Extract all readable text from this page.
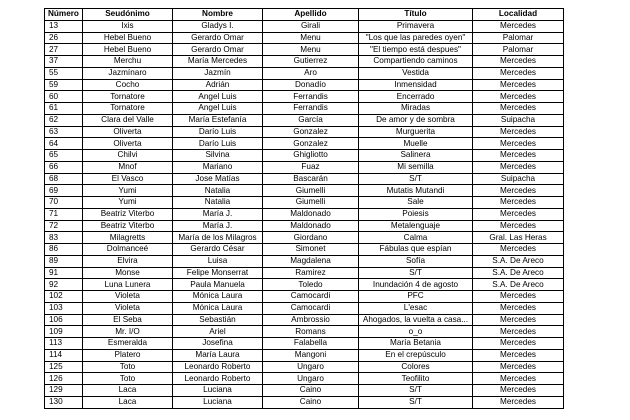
Número	Seudónimo	Nombre	Apellido	Título	Localidad
13	Ixis	Gladys I.	Girali	Primavera	Mercedes
26	Hebel Bueno	Gerardo Omar	Menu	"Los que las paredes oyen"	Palomar
27	Hebel Bueno	Gerardo Omar	Menu	"El tiempo está despues"	Palomar
37	Merchu	María Mercedes	Gutierrez	Compartiendo caminos	Mercedes
55	Jazmínaro	Jazmín	Aro	Vestida	Mercedes
59	Cocho	Adrián	Donadío	Inmensidad	Mercedes
60	Tornatore	Angel Luis	Ferrandis	Encerrado	Mercedes
61	Tornatore	Angel Luis	Ferrandis	Miradas	Mercedes
62	Clara del Valle	María Estefanía	García	De amor y de sombra	Suipacha
63	Oliverta	Darío Luis	Gonzalez	Murguerita	Mercedes
64	Oliverta	Darío Luis	Gonzalez	Muelle	Mercedes
65	Chilvi	Silvina	Ghigliotto	Salinera	Mercedes
66	Mnof	Mariano	Fuaz	Mi semilla	Mercedes
68	El Vasco	Jose Matías	Bascarán	S/T	Suipacha
69	Yumi	Natalia	Giumelli	Mutatis Mutandi	Mercedes
70	Yumi	Natalia	Giumelli	Sale	Mercedes
71	Beatriz Viterbo	María J.	Maldonado	Poiesis	Mercedes
72	Beatriz Viterbo	María J.	Maldonado	Metalenguaje	Mercedes
83	Milagretts	María de los Milagros	Giordano	Calma	Gral. Las Heras
86	Dolmanceé	Gerardo César	Simonet	Fábulas que espían	Mercedes
89	Elvira	Luisa	Magdalena	Sofía	S.A. De Areco
91	Monse	Felipe Monserrat	Ramirez	S/T	S.A. De Areco
92	Luna Lunera	Paula Manuela	Toledo	Inundación 4 de agosto	S.A. De Areco
102	Violeta	Mónica Laura	Camocardi	PFC	Mercedes
103	Violeta	Mónica Laura	Camocardi	L'esac	Mercedes
106	El Seba	Sebastián	Ambrossio	Ahogados, la vuelta a casa...	Mercedes
109	Mr. I/O	Ariel	Romans	o_o	Mercedes
113	Esmeralda	Josefina	Falabella	María Betania	Mercedes
114	Platero	María Laura	Mangoni	En el crepúsculo	Mercedes
125	Toto	Leonardo Roberto	Ungaro	Colores	Mercedes
126	Toto	Leonardo Roberto	Ungaro	Teofilito	Mercedes
129	Laca	Luciana	Caino	S/T	Mercedes
130	Laca	Luciana	Caino	S/T	Mercedes
